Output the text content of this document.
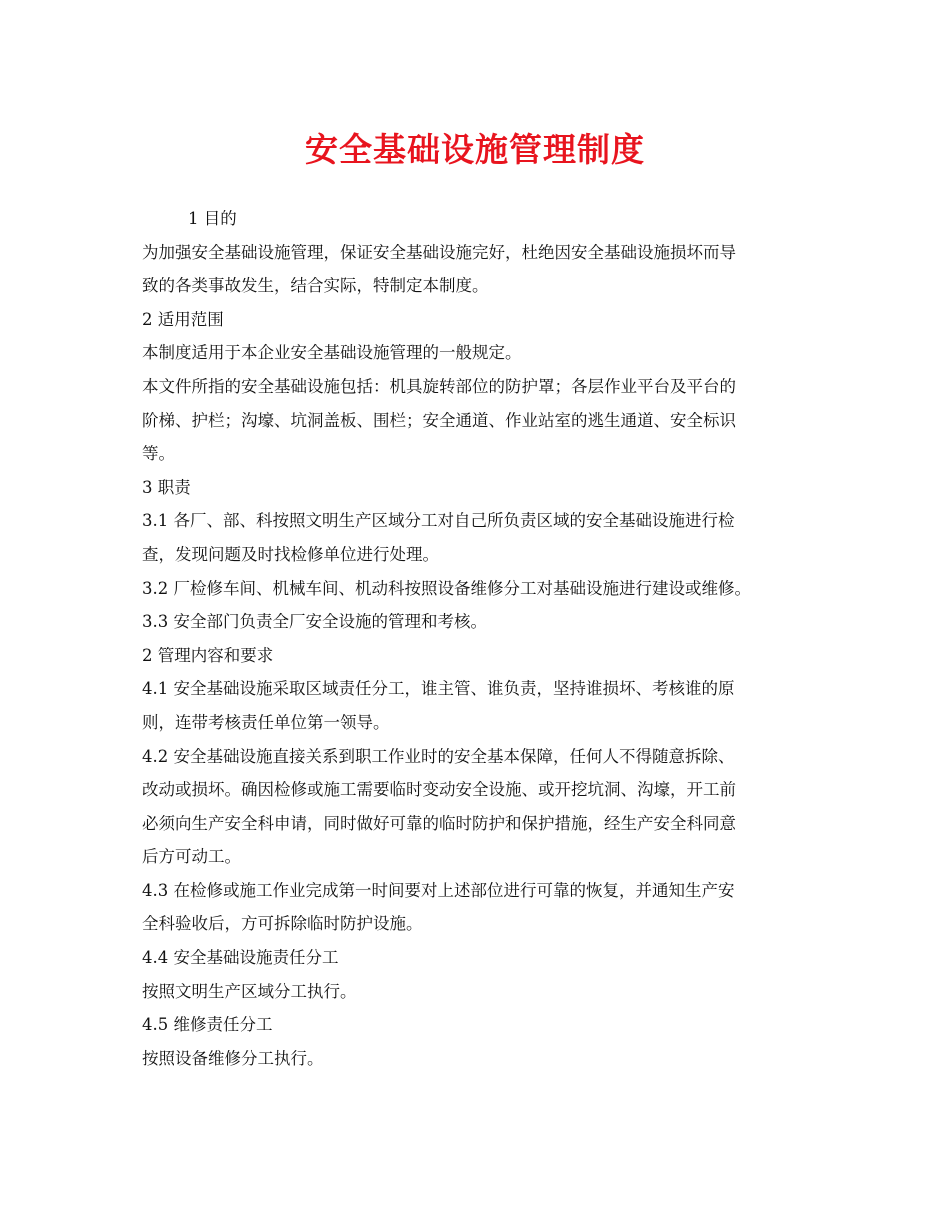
安全基础设施管理制度
1 目的
为加强安全基础设施管理，保证安全基础设施完好，杜绝因安全基础设施损坏而导
致的各类事故发生，结合实际，特制定本制度。
2 适用范围
本制度适用于本企业安全基础设施管理的一般规定。
本文件所指的安全基础设施包括：机具旋转部位的防护罩；各层作业平台及平台的
阶梯、护栏；沟壕、坑洞盖板、围栏；安全通道、作业站室的逃生通道、安全标识
等。
3 职责
3.1 各厂、部、科按照文明生产区域分工对自己所负责区域的安全基础设施进行检
查，发现问题及时找检修单位进行处理。
3.2 厂检修车间、机械车间、机动科按照设备维修分工对基础设施进行建设或维修。
3.3 安全部门负责全厂安全设施的管理和考核。
2 管理内容和要求
4.1 安全基础设施采取区域责任分工，谁主管、谁负责，坚持谁损坏、考核谁的原
则，连带考核责任单位第一领导。
4.2 安全基础设施直接关系到职工作业时的安全基本保障，任何人不得随意拆除、
改动或损坏。确因检修或施工需要临时变动安全设施、或开挖坑洞、沟壕，开工前
必须向生产安全科申请，同时做好可靠的临时防护和保护措施，经生产安全科同意
后方可动工。
4.3 在检修或施工作业完成第一时间要对上述部位进行可靠的恢复，并通知生产安
全科验收后，方可拆除临时防护设施。
4.4 安全基础设施责任分工
按照文明生产区域分工执行。
4.5 维修责任分工
按照设备维修分工执行。
